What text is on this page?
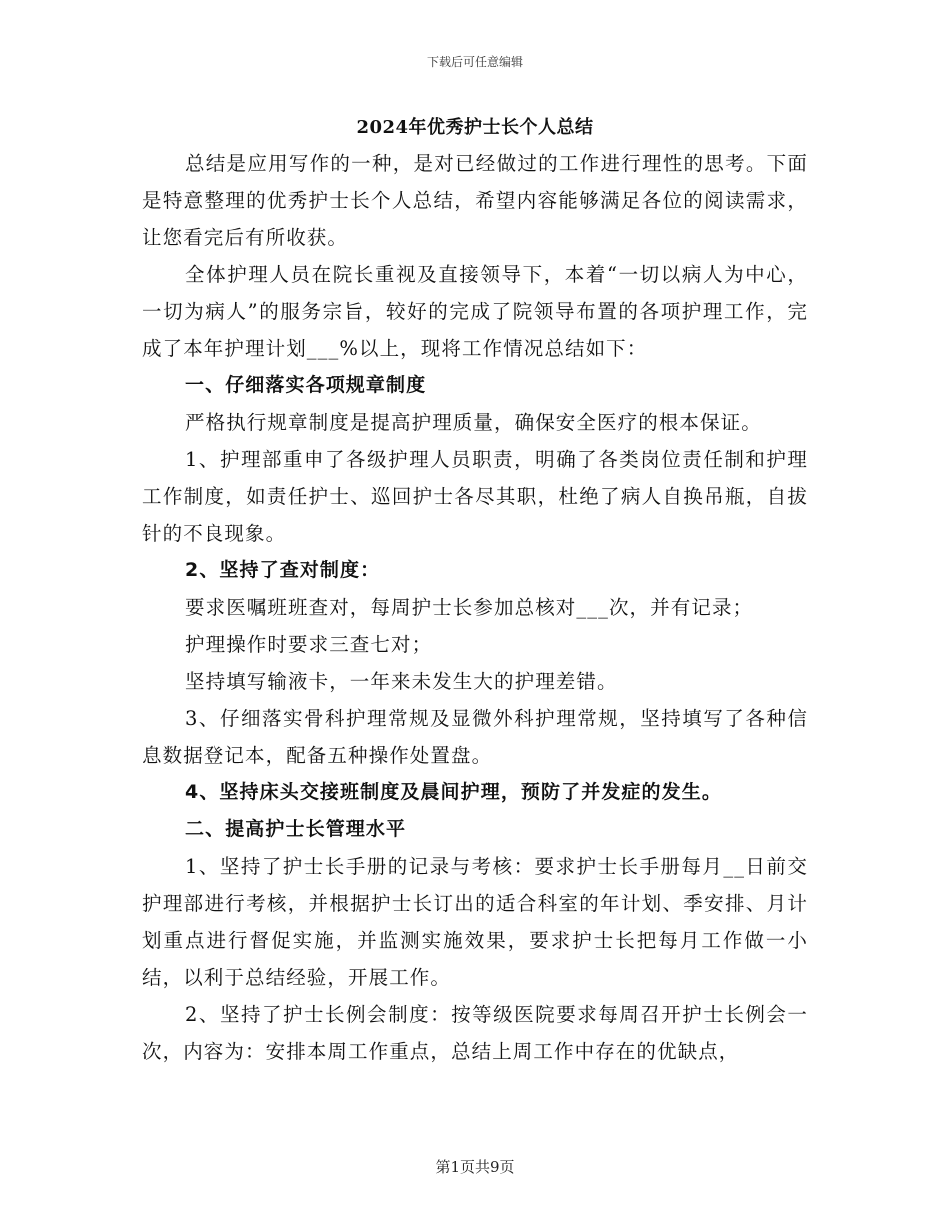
下载后可任意编辑
2024年优秀护士长个人总结

总结是应用写作的一种，是对已经做过的工作进行理性的思考。下面是特意整理的优秀护士长个人总结，希望内容能够满足各位的阅读需求，让您看完后有所收获。

全体护理人员在院长重视及直接领导下，本着“一切以病人为中心，一切为病人”的服务宗旨，较好的完成了院领导布置的各项护理工作，完成了本年护理计划___%以上，现将工作情况总结如下：

一、仔细落实各项规章制度

严格执行规章制度是提高护理质量，确保安全医疗的根本保证。

1、护理部重申了各级护理人员职责，明确了各类岗位责任制和护理工作制度，如责任护士、巡回护士各尽其职，杜绝了病人自换吊瓶，自拔针的不良现象。

2、坚持了查对制度：

要求医嘱班班查对，每周护士长参加总核对___次，并有记录；

护理操作时要求三查七对；

坚持填写输液卡，一年来未发生大的护理差错。

3、仔细落实骨科护理常规及显微外科护理常规，坚持填写了各种信息数据登记本，配备五种操作处置盘。

4、坚持床头交接班制度及晨间护理，预防了并发症的发生。

二、提高护士长管理水平

1、坚持了护士长手册的记录与考核：要求护士长手册每月__日前交护理部进行考核，并根据护士长订出的适合科室的年计划、季安排、月计划重点进行督促实施，并监测实施效果，要求护士长把每月工作做一小结，以利于总结经验，开展工作。

2、坚持了护士长例会制度：按等级医院要求每周召开护士长例会一次，内容为：安排本周工作重点，总结上周工作中存在的优缺点，

第1页共9页
